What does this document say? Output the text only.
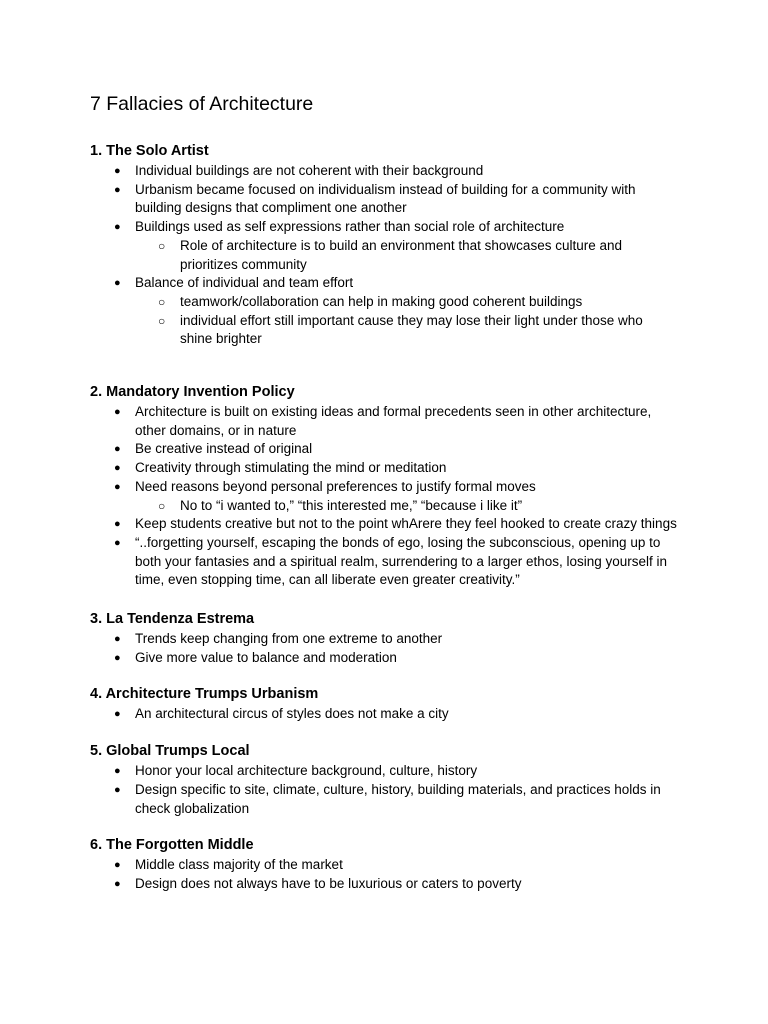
7 Fallacies of Architecture
1. The Solo Artist
● Individual buildings are not coherent with their background
● Urbanism became focused on individualism instead of building for a community with building designs that compliment one another
● Buildings used as self expressions rather than social role of architecture
○ Role of architecture is to build an environment that showcases culture and prioritizes community
● Balance of individual and team effort
○ teamwork/collaboration can help in making good coherent buildings
○ individual effort still important cause they may lose their light under those who shine brighter
2. Mandatory Invention Policy
● Architecture is built on existing ideas and formal precedents seen in other architecture, other domains, or in nature
● Be creative instead of original
● Creativity through stimulating the mind or meditation
● Need reasons beyond personal preferences to justify formal moves
○ No to “i wanted to,” “this interested me,” “because i like it”
● Keep students creative but not to the point whArere they feel hooked to create crazy things
● “..forgetting yourself, escaping the bonds of ego, losing the subconscious, opening up to both your fantasies and a spiritual realm, surrendering to a larger ethos, losing yourself in time, even stopping time, can all liberate even greater creativity.”
3. La Tendenza Estrema
● Trends keep changing from one extreme to another
● Give more value to balance and moderation
4. Architecture Trumps Urbanism
● An architectural circus of styles does not make a city
5. Global Trumps Local
● Honor your local architecture background, culture, history
● Design specific to site, climate, culture, history, building materials, and practices holds in check globalization
6. The Forgotten Middle
● Middle class majority of the market
● Design does not always have to be luxurious or caters to poverty
